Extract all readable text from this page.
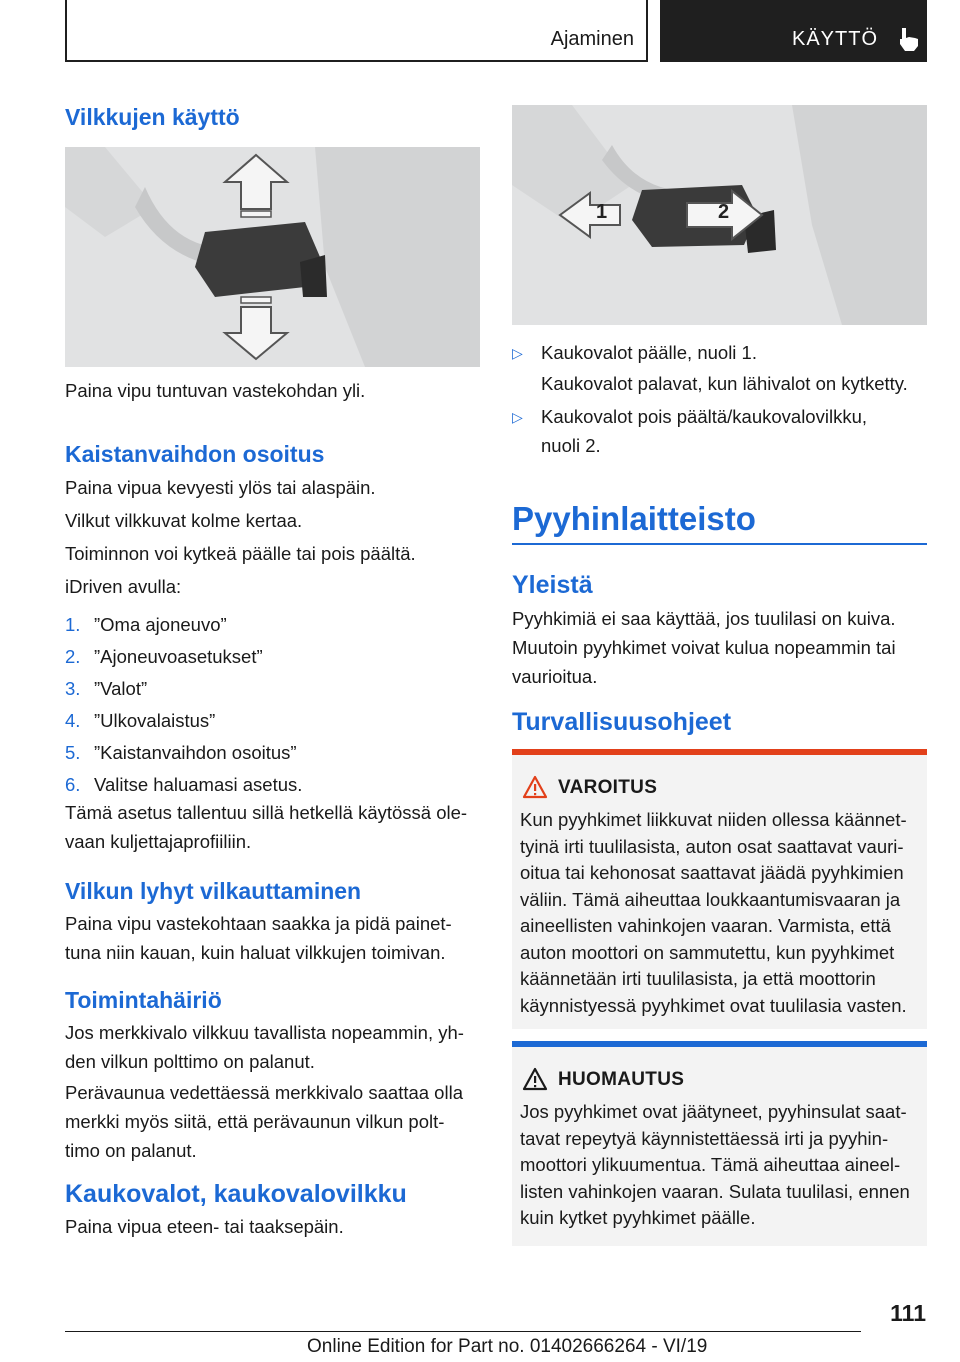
Ajaminen	KÄYTTÖ
Vilkkujen käyttö

Paina vipu tuntuvan vastekohdan yli.

Kaistanvaihdon osoitus

Paina vipua kevyesti ylös tai alaspäin.

Vilkut vilkkuvat kolme kertaa.

Toiminnon voi kytkeä päälle tai pois päältä.

iDriven avulla:

1. ”Oma ajoneuvo”
2. ”Ajoneuvoasetukset”
3. ”Valot”
4. ”Ulkovalaistus”
5. ”Kaistanvaihdon osoitus”
6. Valitse haluamasi asetus.

Tämä asetus tallentuu sillä hetkellä käytössä ole-

vaan kuljettajaprofiiliin.

Vilkun lyhyt vilkauttaminen

Paina vipu vastekohtaan saakka ja pidä painet-

tuna niin kauan, kuin haluat vilkkujen toimivan.

Toimintahäiriö

Jos merkkivalo vilkkuu tavallista nopeammin, yh-

den vilkun polttimo on palanut.

Perävaunua vedettäessä merkkivalo saattaa olla

merkki myös siitä, että perävaunun vilkun polt-

timo on palanut.

Kaukovalot, kaukovalovilkku

Paina vipua eteen- tai taaksepäin.

1	2
▷ Kaukovalot päälle, nuoli 1.
Kaukovalot palavat, kun lähivalot on kytketty.
▷ Kaukovalot pois päältä/kaukovalovilkku,
nuoli 2.
Pyyhinlaitteisto
Yleistä

Pyyhkimiä ei saa käyttää, jos tuulilasi on kuiva.

Muutoin pyyhkimet voivat kulua nopeammin tai

vaurioitua.

Turvallisuusohjeet
VAROITUS

Kun pyyhkimet liikkuvat niiden ollessa käännet-

tyinä irti tuulilasista, auton osat saattavat vauri-

oitua tai kehonosat saattavat jäädä pyyhkimien

väliin. Tämä aiheuttaa loukkaantumisvaaran ja

aineellisten vahinkojen vaaran. Varmista, että

auton moottori on sammutettu, kun pyyhkimet

käännetään irti tuulilasista, ja että moottorin

käynnistyessä pyyhkimet ovat tuulilasia vasten.

HUOMAUTUS

Jos pyyhkimet ovat jäätyneet, pyyhinsulat saat-

tavat repeytyä käynnistettäessä irti ja pyyhin-

moottori ylikuumentua. Tämä aiheuttaa aineel-

listen vahinkojen vaaran. Sulata tuulilasi, ennen

kuin kytket pyyhkimet päälle.

111
Online Edition for Part no. 01402666264 - VI/19
